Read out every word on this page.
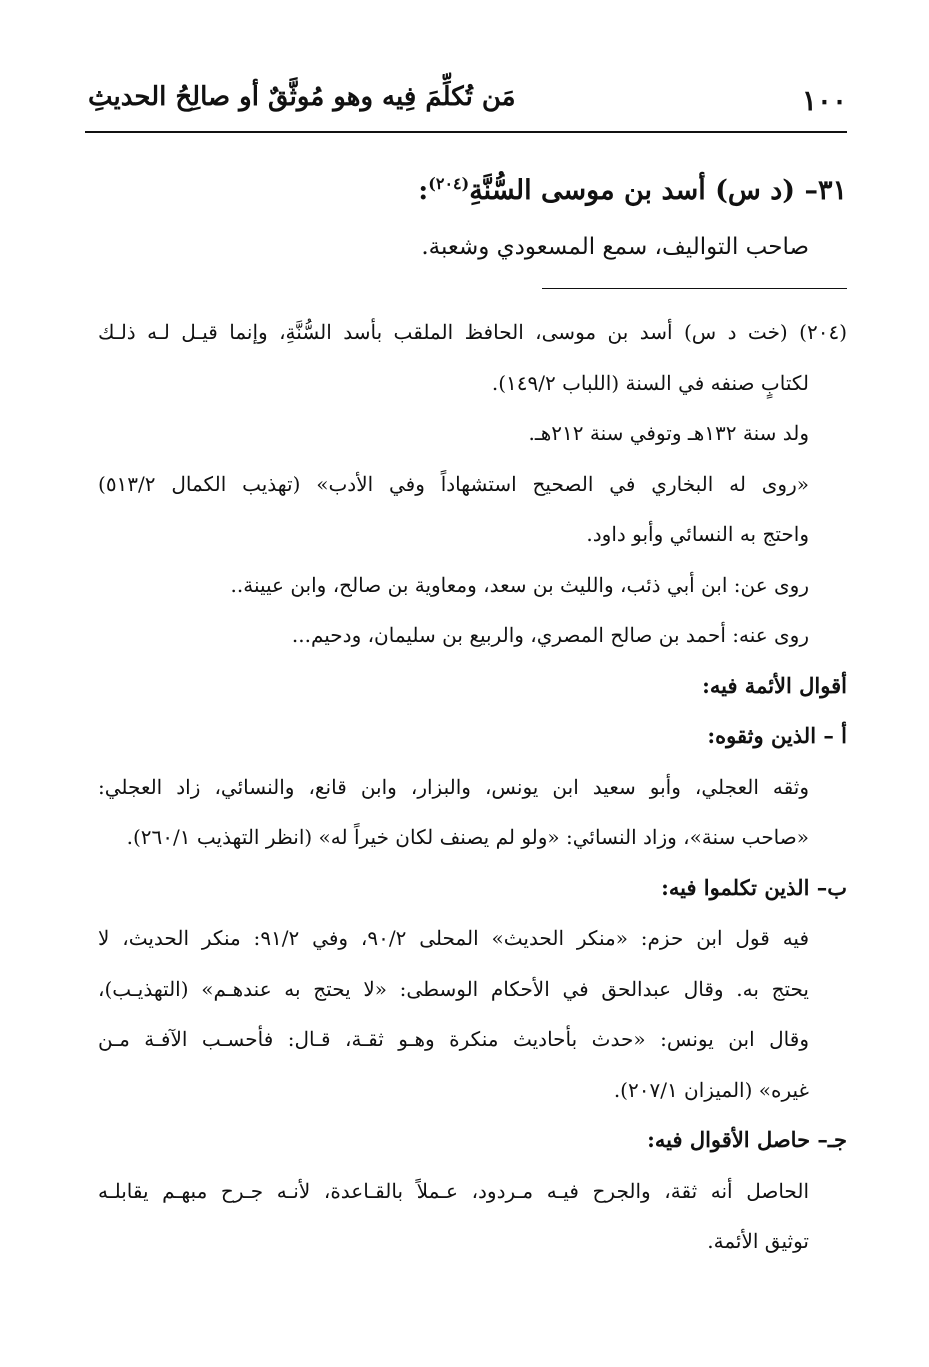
١٠٠
مَن تُكلِّمَ فِيه وهو مُوثَّقٌ أو صالِحُ الحديثِ

٣١– (د س) أسد بن موسى السُّنَّةِ$^{(٢٠٤)}$:

صاحب التواليف، سمع المسعودي وشعبة.

(٢٠٤) (خت د س) أسد بن موسى، الحافظ الملقب بأسد السُّنَّةِ، وإنما قيـل لـه ذلـك

لكتابٍ صنفه في السنة (اللباب ١٤٩/٢).

ولد سنة ١٣٢هـ وتوفي سنة ٢١٢هـ.

«روى له البخاري في الصحيح استشهاداً وفي الأدب» (تهذيب الكمال ٥١٣/٢)

واحتج به النسائي وأبو داود.

روى عن: ابن أبي ذئب، والليث بن سعد، ومعاوية بن صالح، وابن عيينة..

روى عنه: أحمد بن صالح المصري، والربيع بن سليمان، ودحيم...

أقوال الأئمة فيه:

أ – الذين وثقوه:

وثقه العجلي، وأبو سعيد ابن يونس، والبزار، وابن قانع، والنسائي، زاد العجلي:

«صاحب سنة»، وزاد النسائي: «ولو لم يصنف لكان خيراً له» (انظر التهذيب ٢٦٠/١).

ب– الذين تكلموا فيه:

فيه قول ابن حزم: «منكر الحديث» المحلى ٩٠/٢، وفي ٩١/٢: منكر الحديث، لا

يحتج به. وقال عبدالحق في الأحكام الوسطى: «لا يحتج به عندهـم» (التهذيـب)،

وقال ابن يونس: «حدث بأحاديث منكرة وهـو ثقـة، قـال: فأحسـب الآفـة مـن

غيره» (الميزان ٢٠٧/١).

جـ– حاصل الأقوال فيه:

الحاصل أنه ثقة، والجرح فيـه مـردود، عـملاً بالقـاعدة، لأنـه جـرح مبهـم يقابلـه

توثيق الأئمة.
